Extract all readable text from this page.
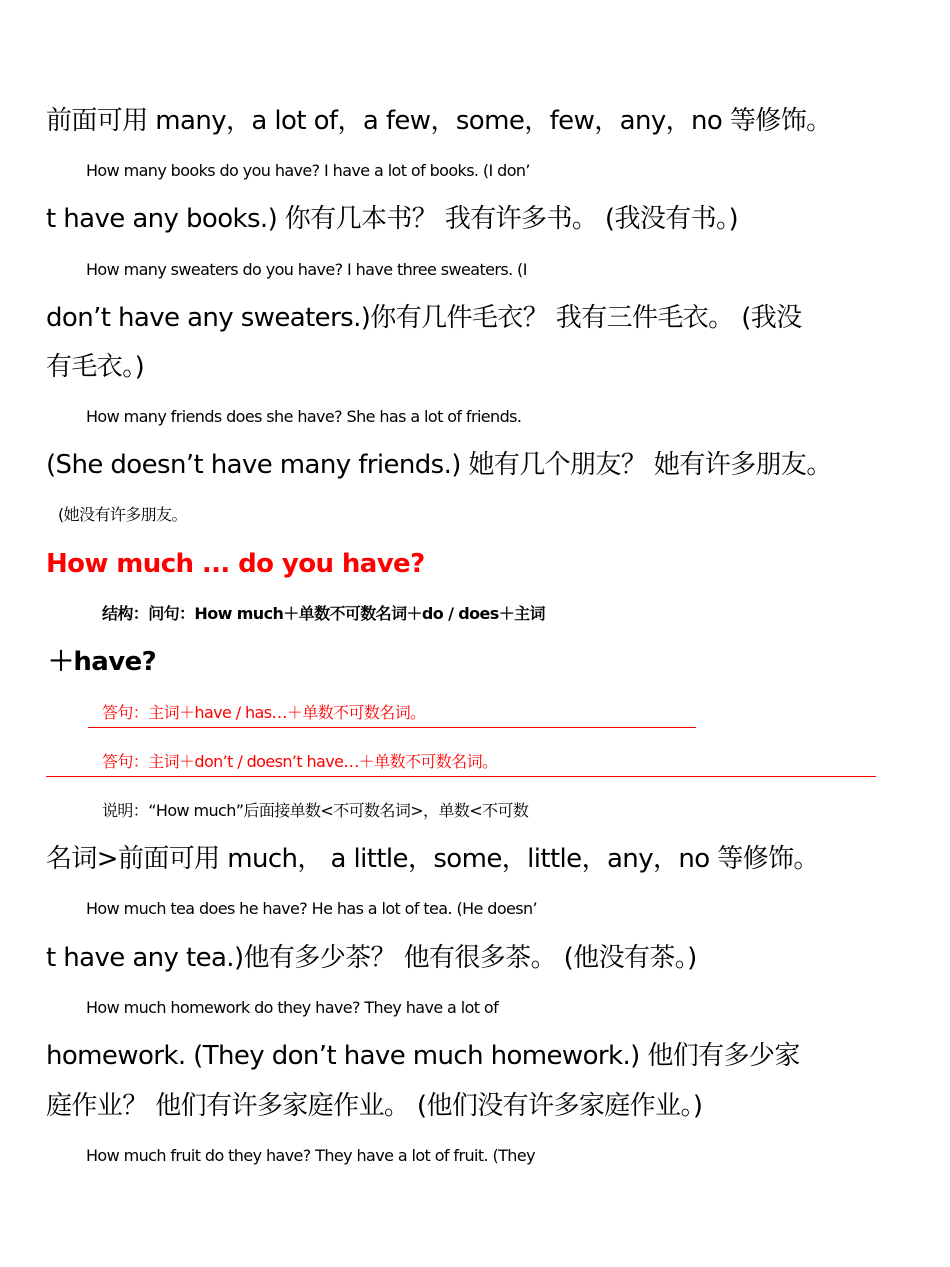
前面可用 many，a lot of，a few，some，few，any，no 等修饰。
How many books do you have? I have a lot of books. (I don’
t have any books.) 你有几本书？ 我有许多书。 (我没有书。)
How many sweaters do you have? I have three sweaters. (I
don’t have any sweaters.)你有几件毛衣？ 我有三件毛衣。 (我没
有毛衣。)
How many friends does she have? She has a lot of friends.
(She doesn’t have many friends.) 她有几个朋友？ 她有许多朋友。
(她没有许多朋友。
How much ... do you have?
结构：问句：How much＋单数不可数名词＋do / does＋主词
＋have?
答句：主词＋have / has…＋单数不可数名词。
答句：主词＋don’t / doesn’t have…＋单数不可数名词。
说明：“How much”后面接单数<不可数名词>，单数<不可数
名词>前面可用 much， a little，some，little，any，no 等修饰。
How much tea does he have? He has a lot of tea. (He doesn’
t have any tea.)他有多少茶？ 他有很多茶。 (他没有茶。)
How much homework do they have? They have a lot of
homework. (They don’t have much homework.) 他们有多少家
庭作业？ 他们有许多家庭作业。 (他们没有许多家庭作业。)
How much fruit do they have? They have a lot of fruit. (They
